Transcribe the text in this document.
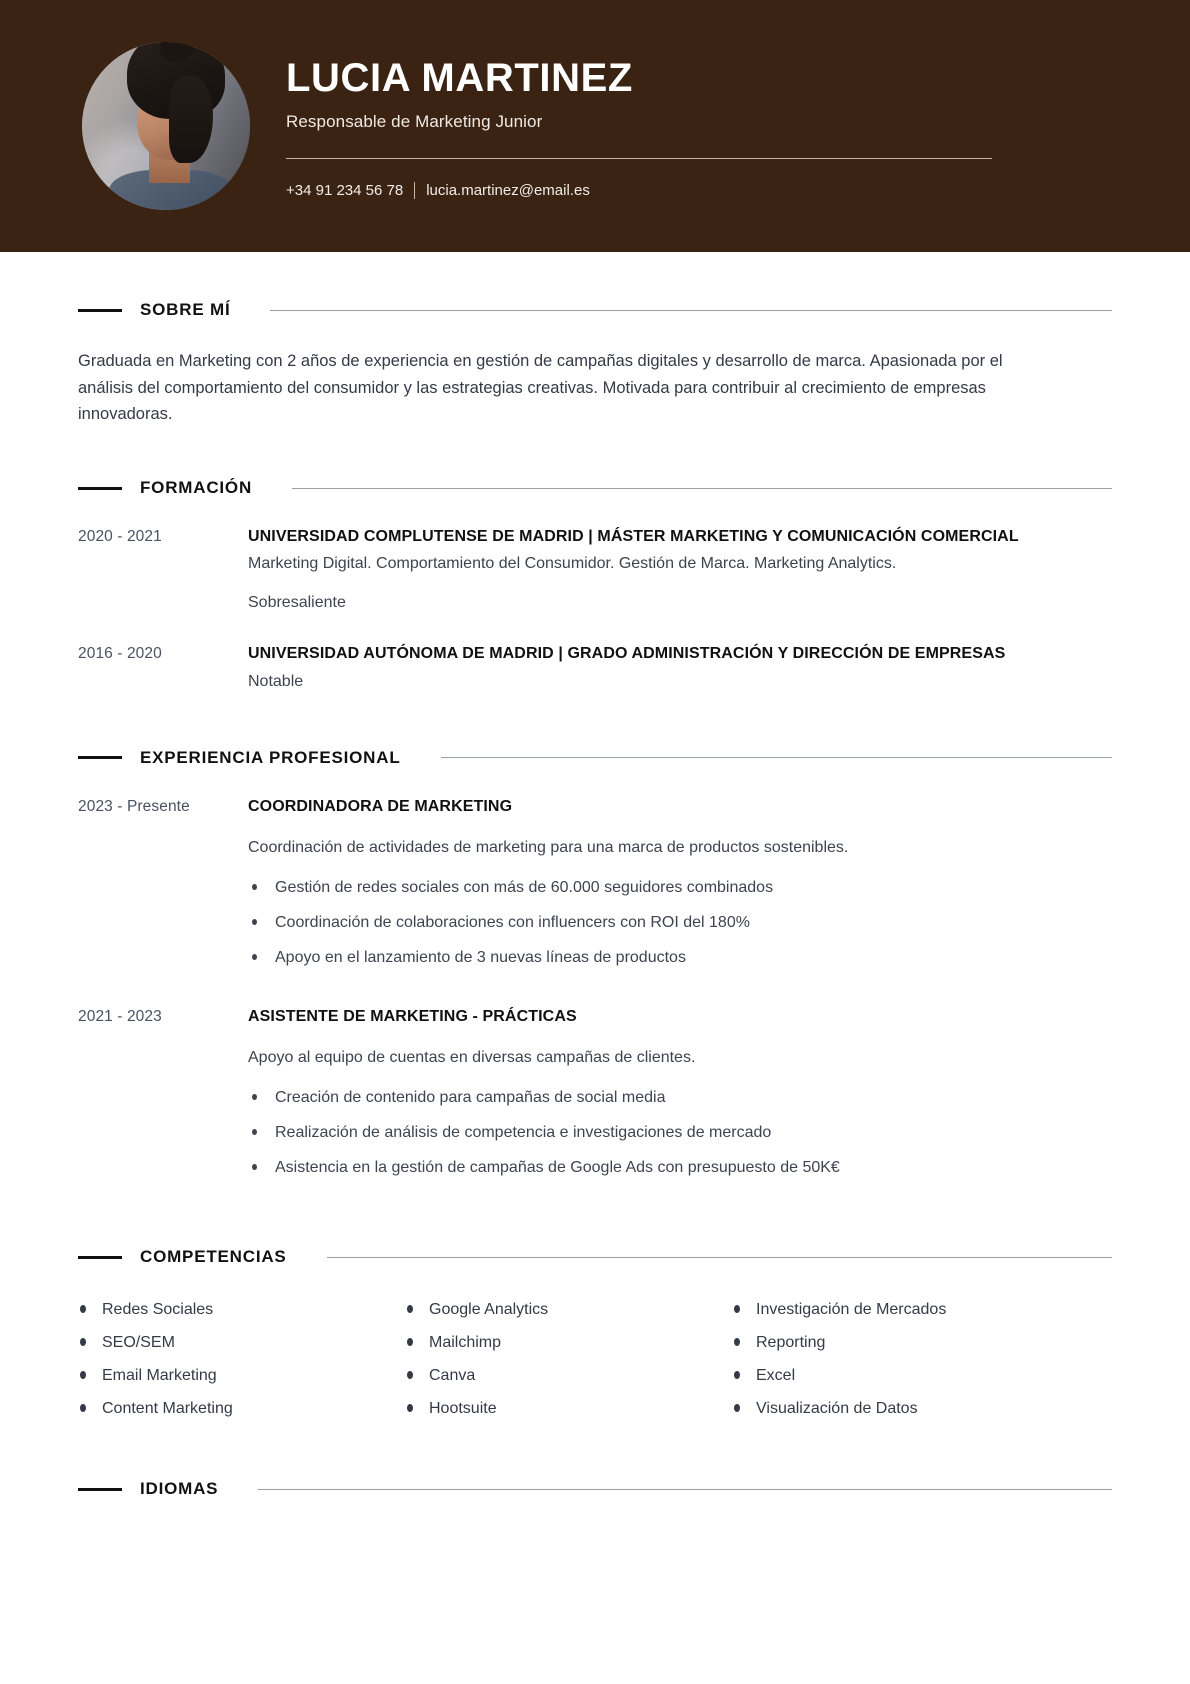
LUCIA MARTINEZ
Responsable de Marketing Junior
+34 91 234 56 78 lucia.martinez@email.es
SOBRE MÍ

Graduada en Marketing con 2 años de experiencia en gestión de campañas digitales y desarrollo de marca. Apasionada por el análisis del comportamiento del consumidor y las estrategias creativas. Motivada para contribuir al crecimiento de empresas innovadoras.

FORMACIÓN
2020 - 2021	UNIVERSIDAD COMPLUTENSE DE MADRID | MÁSTER MARKETING Y COMUNICACIÓN COMERCIAL
Marketing Digital. Comportamiento del Consumidor. Gestión de Marca. Marketing Analytics.
Sobresaliente
2016 - 2020	UNIVERSIDAD AUTÓNOMA DE MADRID | GRADO ADMINISTRACIÓN Y DIRECCIÓN DE EMPRESAS
Notable
EXPERIENCIA PROFESIONAL
2023 - Presente	COORDINADORA DE MARKETING
Coordinación de actividades de marketing para una marca de productos sostenibles.
Gestión de redes sociales con más de 60.000 seguidores combinados
Coordinación de colaboraciones con influencers con ROI del 180%
Apoyo en el lanzamiento de 3 nuevas líneas de productos
2021 - 2023	ASISTENTE DE MARKETING - PRÁCTICAS
Apoyo al equipo de cuentas en diversas campañas de clientes.
Creación de contenido para campañas de social media
Realización de análisis de competencia e investigaciones de mercado
Asistencia en la gestión de campañas de Google Ads con presupuesto de 50K€
COMPETENCIAS
Redes Sociales	Google Analytics	Investigación de Mercados
SEO/SEM	Mailchimp	Reporting
Email Marketing	Canva	Excel
Content Marketing	Hootsuite	Visualización de Datos
IDIOMAS
